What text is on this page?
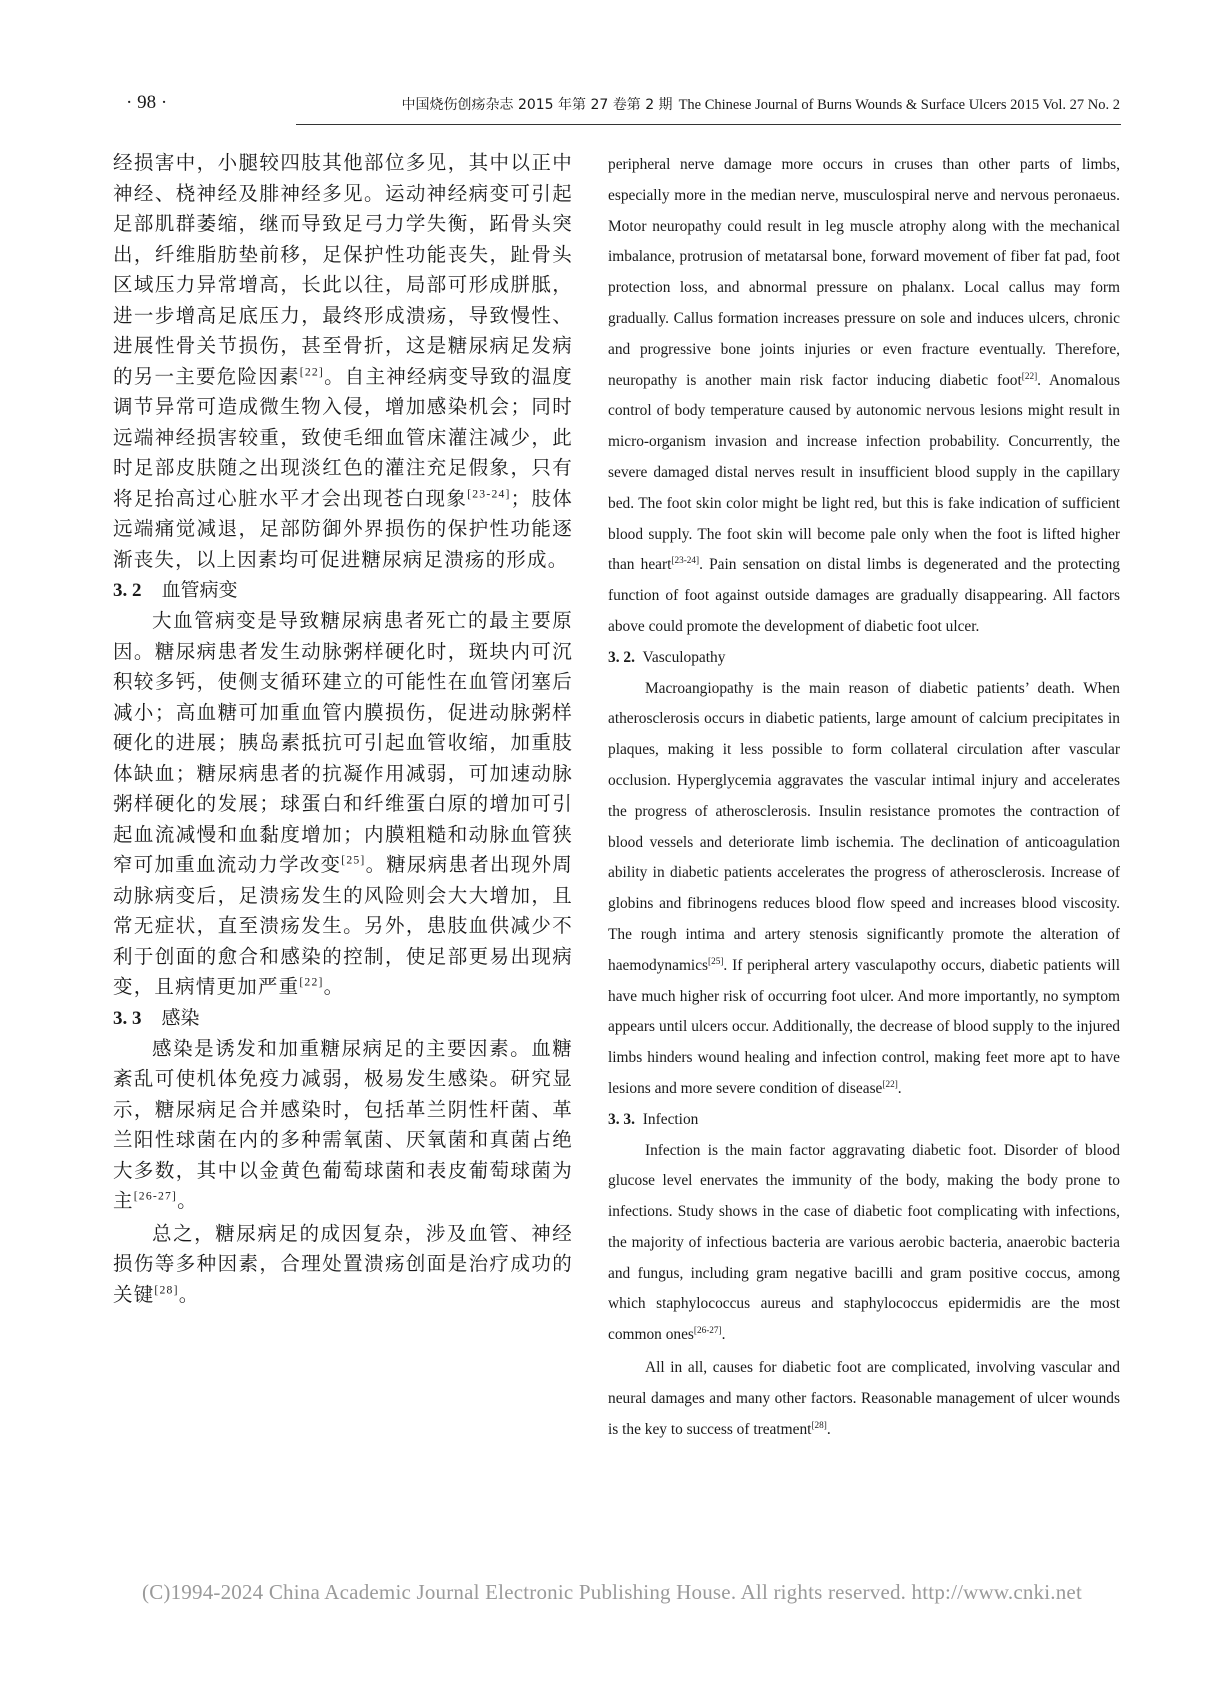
· 98 ·	中国烧伤创疡杂志 2015 年第 27 卷第 2 期 The Chinese Journal of Burns Wounds & Surface Ulcers 2015 Vol. 27 No. 2

经损害中，小腿较四肢其他部位多见，其中以正中神经、桡神经及腓神经多见。运动神经病变可引起足部肌群萎缩，继而导致足弓力学失衡，跖骨头突出，纤维脂肪垫前移，足保护性功能丧失，趾骨头区域压力异常增高，长此以往，局部可形成胼胝，进一步增高足底压力，最终形成溃疡，导致慢性、进展性骨关节损伤，甚至骨折，这是糖尿病足发病的另一主要危险因素[22]。自主神经病变导致的温度调节异常可造成微生物入侵，增加感染机会；同时远端神经损害较重，致使毛细血管床灌注减少，此时足部皮肤随之出现淡红色的灌注充足假象，只有将足抬高过心脏水平才会出现苍白现象[23-24]；肢体远端痛觉减退，足部防御外界损伤的保护性功能逐渐丧失，以上因素均可促进糖尿病足溃疡的形成。

3. 2 血管病变

大血管病变是导致糖尿病患者死亡的最主要原因。糖尿病患者发生动脉粥样硬化时，斑块内可沉积较多钙，使侧支循环建立的可能性在血管闭塞后减小；高血糖可加重血管内膜损伤，促进动脉粥样硬化的进展；胰岛素抵抗可引起血管收缩，加重肢体缺血；糖尿病患者的抗凝作用减弱，可加速动脉粥样硬化的发展；球蛋白和纤维蛋白原的增加可引起血流减慢和血黏度增加；内膜粗糙和动脉血管狭窄可加重血流动力学改变[25]。糖尿病患者出现外周动脉病变后，足溃疡发生的风险则会大大增加，且常无症状，直至溃疡发生。另外，患肢血供减少不利于创面的愈合和感染的控制，使足部更易出现病变，且病情更加严重[22]。

3. 3 感染

感染是诱发和加重糖尿病足的主要因素。血糖紊乱可使机体免疫力减弱，极易发生感染。研究显示，糖尿病足合并感染时，包括革兰阴性杆菌、革兰阳性球菌在内的多种需氧菌、厌氧菌和真菌占绝大多数，其中以金黄色葡萄球菌和表皮葡萄球菌为主[26-27]。

总之，糖尿病足的成因复杂，涉及血管、神经损伤等多种因素，合理处置溃疡创面是治疗成功的关键[28]。

peripheral nerve damage more occurs in cruses than other parts of limbs, especially more in the median nerve, musculospiral nerve and nervous peronaeus. Motor neuropathy could result in leg muscle atrophy along with the mechanical imbalance, protrusion of metatarsal bone, forward movement of fiber fat pad, foot protection loss, and abnormal pressure on phalanx. Local callus may form gradually. Callus formation increases pressure on sole and induces ulcers, chronic and progressive bone joints injuries or even fracture eventually. Therefore, neuropathy is another main risk factor inducing diabetic foot[22]. Anomalous control of body temperature caused by autonomic nervous lesions might result in micro-organism invasion and increase infection probability. Concurrently, the severe damaged distal nerves result in insufficient blood supply in the capillary bed. The foot skin color might be light red, but this is fake indication of sufficient blood supply. The foot skin will become pale only when the foot is lifted higher than heart[23-24]. Pain sensation on distal limbs is degenerated and the protecting function of foot against outside damages are gradually disappearing. All factors above could promote the development of diabetic foot ulcer.

3. 2. Vasculopathy

Macroangiopathy is the main reason of diabetic patients’ death. When atherosclerosis occurs in diabetic patients, large amount of calcium precipitates in plaques, making it less possible to form collateral circulation after vascular occlusion. Hyperglycemia aggravates the vascular intimal injury and accelerates the progress of atherosclerosis. Insulin resistance promotes the contraction of blood vessels and deteriorate limb ischemia. The declination of anticoagulation ability in diabetic patients accelerates the progress of atherosclerosis. Increase of globins and fibrinogens reduces blood flow speed and increases blood viscosity. The rough intima and artery stenosis significantly promote the alteration of haemodynamics[25]. If peripheral artery vasculapothy occurs, diabetic patients will have much higher risk of occurring foot ulcer. And more importantly, no symptom appears until ulcers occur. Additionally, the decrease of blood supply to the injured limbs hinders wound healing and infection control, making feet more apt to have lesions and more severe condition of disease[22].

3. 3. Infection

Infection is the main factor aggravating diabetic foot. Disorder of blood glucose level enervates the immunity of the body, making the body prone to infections. Study shows in the case of diabetic foot complicating with infections, the majority of infectious bacteria are various aerobic bacteria, anaerobic bacteria and fungus, including gram negative bacilli and gram positive coccus, among which staphylococcus aureus and staphylococcus epidermidis are the most common ones[26-27].

All in all, causes for diabetic foot are complicated, involving vascular and neural damages and many other factors. Reasonable management of ulcer wounds is the key to success of treatment[28].

(C)1994-2024 China Academic Journal Electronic Publishing House. All rights reserved. http://www.cnki.net
